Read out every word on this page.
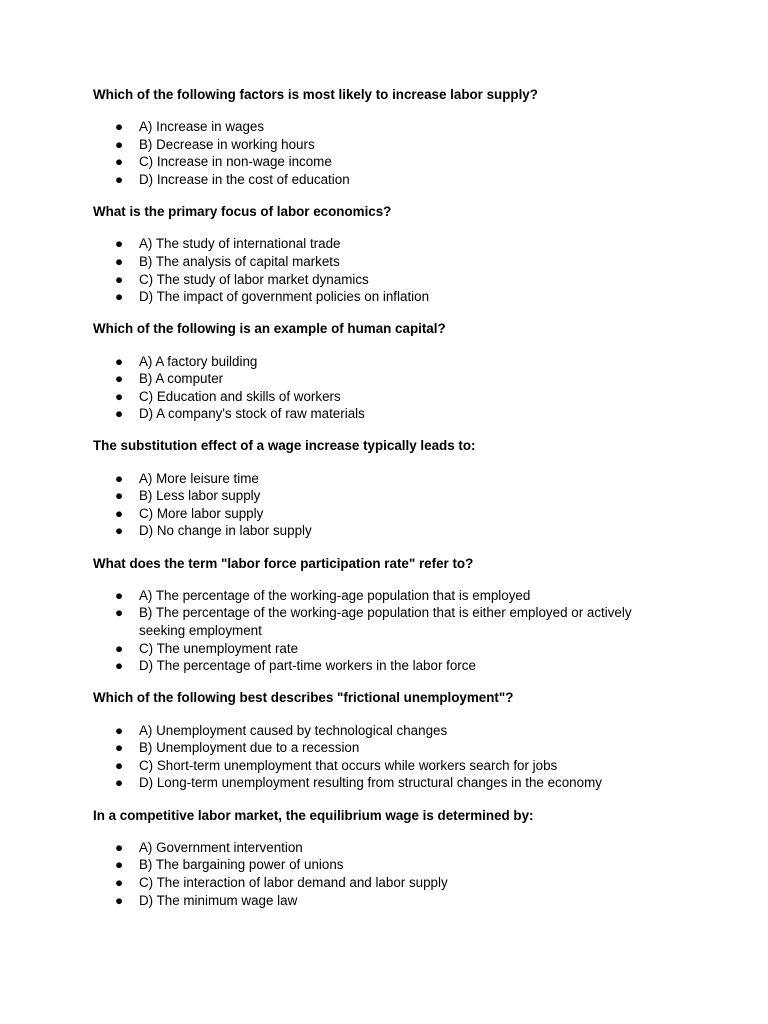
Which of the following factors is most likely to increase labor supply?

● A) Increase in wages
● B) Decrease in working hours
● C) Increase in non-wage income
● D) Increase in the cost of education

What is the primary focus of labor economics?

● A) The study of international trade
● B) The analysis of capital markets
● C) The study of labor market dynamics
● D) The impact of government policies on inflation

Which of the following is an example of human capital?

● A) A factory building
● B) A computer
● C) Education and skills of workers
● D) A company's stock of raw materials

The substitution effect of a wage increase typically leads to:

● A) More leisure time
● B) Less labor supply
● C) More labor supply
● D) No change in labor supply

What does the term "labor force participation rate" refer to?

● A) The percentage of the working-age population that is employed
● B) The percentage of the working-age population that is either employed or actively seeking employment
● C) The unemployment rate
● D) The percentage of part-time workers in the labor force

Which of the following best describes "frictional unemployment"?

● A) Unemployment caused by technological changes
● B) Unemployment due to a recession
● C) Short-term unemployment that occurs while workers search for jobs
● D) Long-term unemployment resulting from structural changes in the economy

In a competitive labor market, the equilibrium wage is determined by:

● A) Government intervention
● B) The bargaining power of unions
● C) The interaction of labor demand and labor supply
● D) The minimum wage law
